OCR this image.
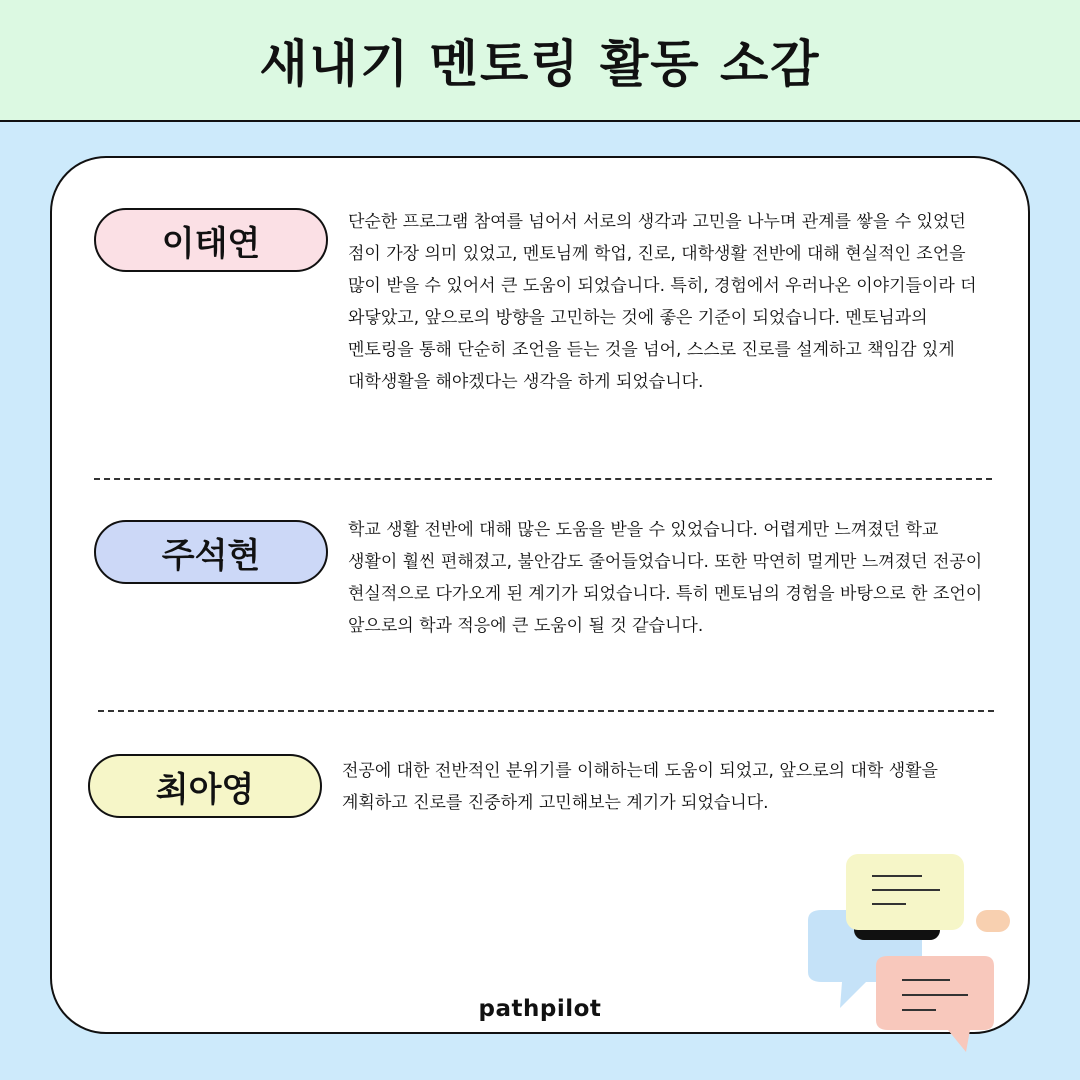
새내기 멘토링 활동 소감
이태연

단순한 프로그램 참여를 넘어서 서로의 생각과 고민을 나누며 관계를 쌓을 수 있었던 점이 가장 의미 있었고, 멘토님께 학업, 진로, 대학생활 전반에 대해 현실적인 조언을 많이 받을 수 있어서 큰 도움이 되었습니다. 특히, 경험에서 우러나온 이야기들이라 더 와닿았고, 앞으로의 방향을 고민하는 것에 좋은 기준이 되었습니다. 멘토님과의 멘토링을 통해 단순히 조언을 듣는 것을 넘어, 스스로 진로를 설계하고 책임감 있게 대학생활을 해야겠다는 생각을 하게 되었습니다.

주석현

학교 생활 전반에 대해 많은 도움을 받을 수 있었습니다. 어렵게만 느껴졌던 학교 생활이 훨씬 편해졌고, 불안감도 줄어들었습니다. 또한 막연히 멀게만 느껴졌던 전공이 현실적으로 다가오게 된 계기가 되었습니다. 특히 멘토님의 경험을 바탕으로 한 조언이 앞으로의 학과 적응에 큰 도움이 될 것 같습니다.

최아영	전공에 대한 전반적인 분위기를 이해하는데 도움이 되었고, 앞으로의 대학 생활을 계획하고 진로를 진중하게 고민해보는 계기가 되었습니다.

pathpilot
